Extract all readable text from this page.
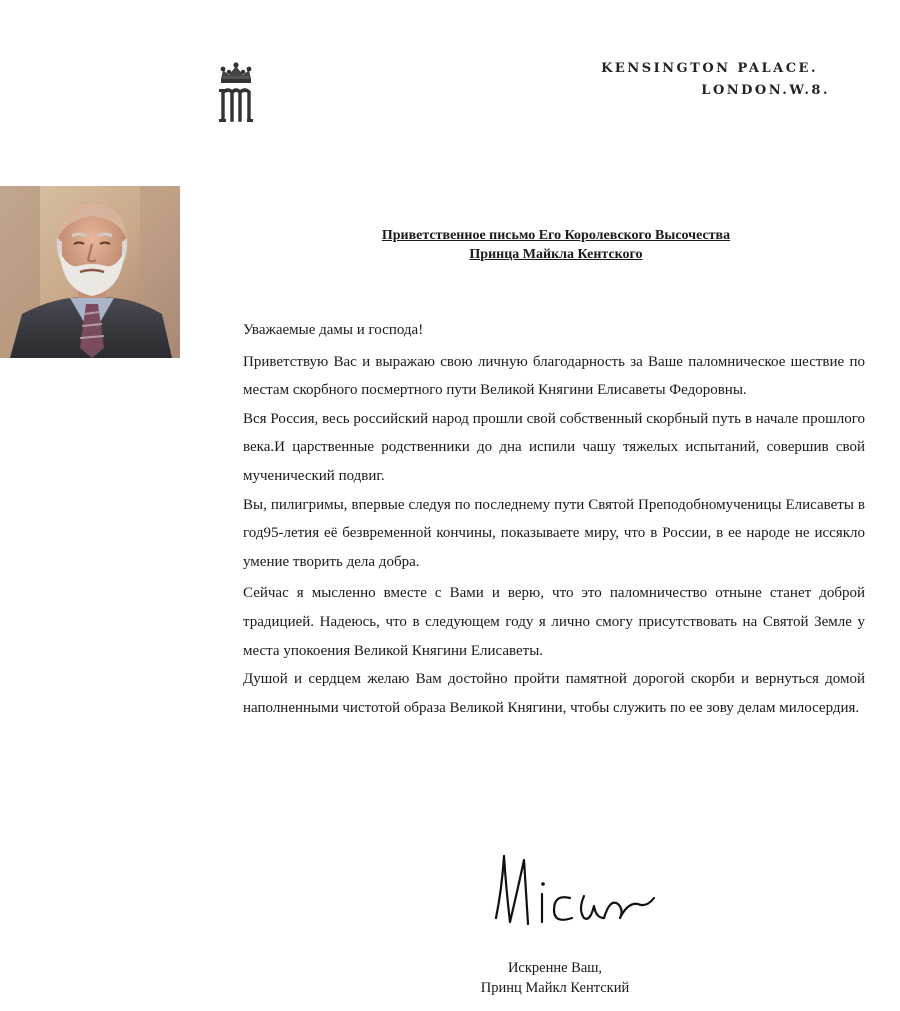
KENSINGTON PALACE.
LONDON.W.8.
Приветственное письмо Его Королевского Высочества
Принца Майкла Кентского

Уважаемые дамы и господа!

Приветствую Вас и выражаю свою личную благодарность за Ваше паломническое шествие по местам скорбного посмертного пути Великой Княгини Елисаветы Федоровны.

Вся Россия, весь российский народ прошли свой собственный скорбный путь в начале прошлого века.И царственные родственники до дна испили чашу тяжелых испытаний, совершив свой мученический подвиг.

Вы, пилигримы, впервые следуя по последнему пути Святой Преподобномученицы Елисаветы в год95-летия её безвременной кончины, показываете миру, что в России, в ее народе не иссякло умение творить дела добра.

Сейчас я мысленно вместе с Вами и верю, что это паломничество отныне станет доброй традицией. Надеюсь, что в следующем году я лично смогу присутствовать на Святой Земле у места упокоения Великой Княгини Елисаветы.

Душой и сердцем желаю Вам достойно пройти памятной дорогой скорби и вернуться домой наполненными чистотой образа Великой Княгини, чтобы служить по ее зову делам милосердия.

Искренне Ваш,
Принц Майкл Кентский
